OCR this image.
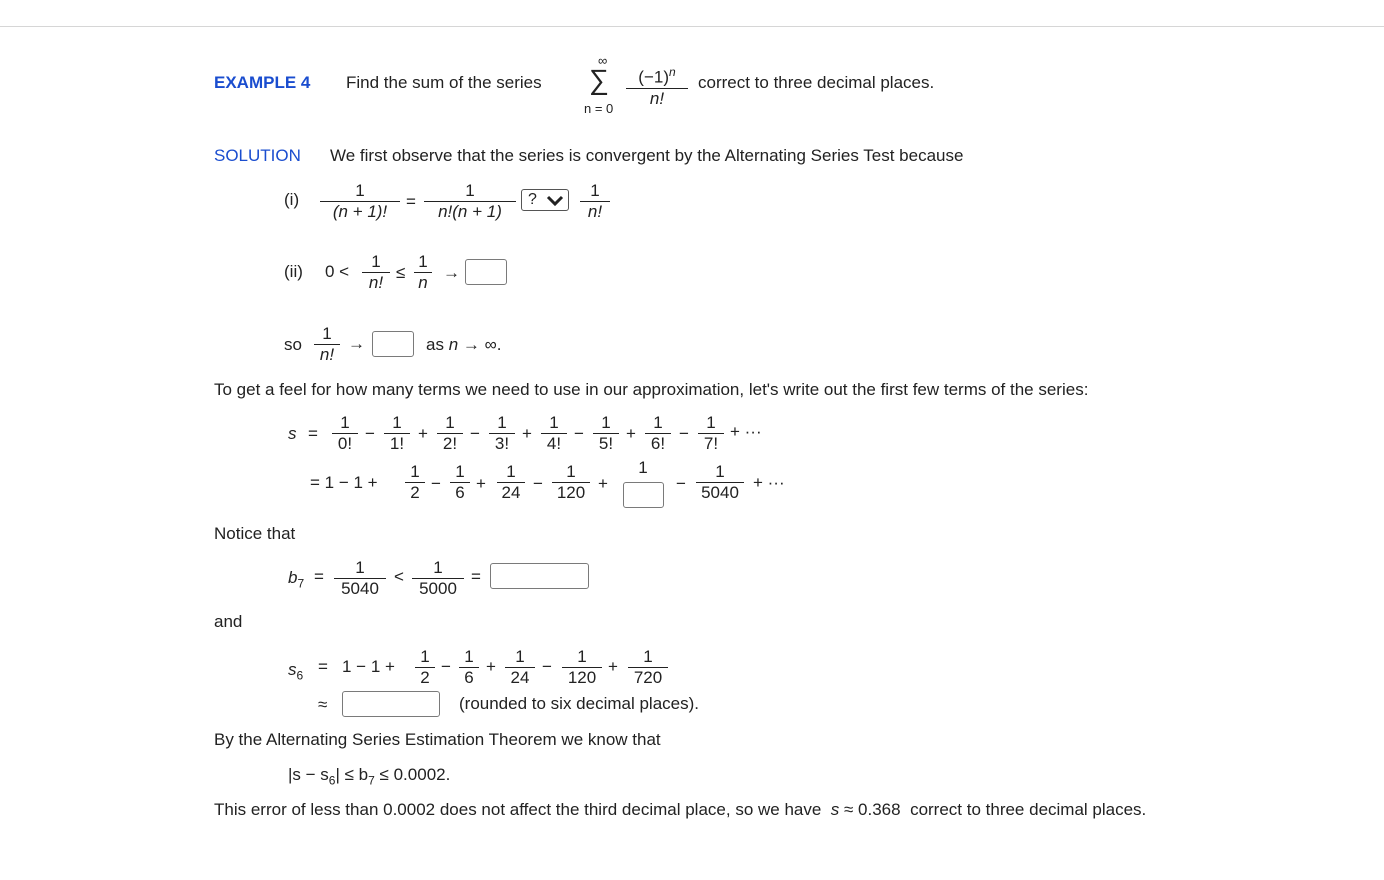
EXAMPLE 4 Find the sum of the series
∞
∑
$n = 0 \frac{(-1)^n}{n!}$ correct to three decimal places.
SOLUTION We first observe that the series is convergent by the Alternating Series Test because
$(i) \frac{1}{(n + 1)!} = \frac{1}{n!(n + 1)}$ ?	$\frac{1}{n!}$
(ii) $0 < \frac{1}{n!} \le \frac{1}{n}$ →
so $\frac{1}{n!}$ →	as n → ∞.
To get a feel for how many terms we need to use in our approximation, let's write out the first few terms of the series:
$s = \frac{1}{0!} \frac{1}{1!} \frac{1}{2!} \frac{1}{3!} \frac{1}{4!} \frac{1}{5!} \frac{1}{6!} \frac{1}{7!}$
−	+ − + − +	− + ···
= $1 - 1 + \frac{1}{2} \frac{1}{6} \frac{1}{24} \frac{1}{120}$	$\frac{1}{5040}$
− +	−	+	−
1
+ ···
Notice that
$b_7 = \frac{1}{5040} < \frac{1}{5000}$ =
and
$s_6 = 1 - 1 + \frac{1}{2} \frac{1}{6} \frac{1}{24} \frac{1}{120} \frac{1}{720}$
− +	−	+
≈	(rounded to six decimal places).
By the Alternating Series Estimation Theorem we know that
$|s - s_6| \le b_7 \le 0.0002$.
This error of less than 0.0002 does not affect the third decimal place, so we have s ≈ 0.368 correct to three decimal places.
